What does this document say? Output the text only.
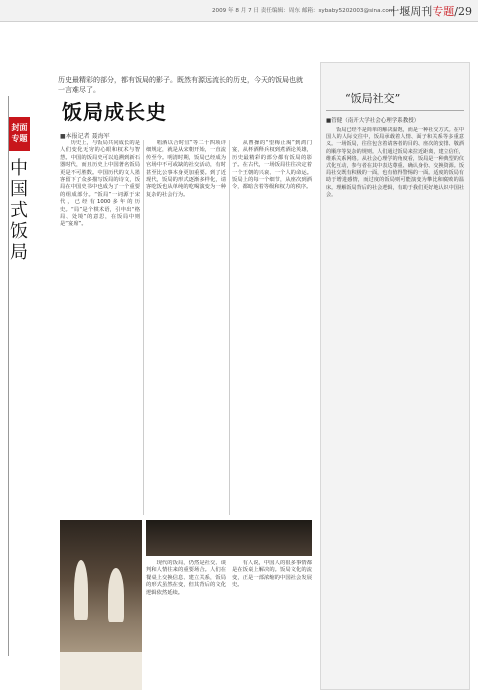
2009 年 8 月 7 日 责任编辑：周东 邮箱：sybaby5202003@sina.com
十堰周刊专题/29
封面专题
中国式饭局
历史最精彩的部分，都有饭局的影子。既然有源远流长的历史，今天的饭局也就一言难尽了。
饭局成长史
■本报记者 聂海军

历史上，与饭局共同成长的是人们变化无穷的心眼和权术与智慧。中国的饭局史可以追溯到新石器时代，而且历史上中国著名饭局更是不可胜数。中国历代的文人墨客留下了众多描写饭局的诗文，饭局在中国史书中也成为了一个重要的组成部分。“饭局”一词源于宋代，已经有1000多年的历史。“局”是个棋术语，引申出“格局、处境”的意思，在饭局中则是“宴席”。

唱酒以合时宜”等二十四项详细规定，就是从宋朝开始，一直流传至今。明清时期，饭局已经成为官场中不可或缺的社交活动，有时甚至比公事本身更加重要。到了近现代，饭局的形式逐渐多样化，请客吃饭也从单纯的吃喝演变为一种复杂的社会行为。

从曹操的“望梅止渴”到鸿门宴，从杯酒释兵权到煮酒论英雄，历史最精彩的部分都有饭局的影子。在古代，一场饭局往往决定着一个王朝的兴衰、一个人的命运。饭局上的每一个细节，从座次到酒令，都暗含着等级和权力的秩序。

现代的饭局，仍然是社交、谈判和人情往来的重要场合。人们在餐桌上交换信息、建立关系，饭局的形式虽然在变，但其背后的文化逻辑依然延续。

有人说，中国人的很多事情都是在饭桌上解决的。饭局文化的流变，正是一部浓缩的中国社会发展史。

“饭局社交”
■管健（南开大学社会心理学系教授）

饭局已经不是简单的解决温饱，而是一种社交方式。在中国人的人际交往中，饭局承载着人情、面子和关系等多重意义。一场饭局，往往包含着请客者的目的、座次的安排、敬酒的顺序等复杂的规则。人们通过饭局来拉近距离，建立信任，维系关系网络。从社会心理学的角度看，饭局是一种典型的仪式化互动，参与者在其中表达尊重、确认身份、交换资源。饭局社交既有积极的一面，也有值得警惕的一面。适度的饭局有助于增进感情，而过度的饭局则可能演变为攀比和腐败的温床。理解饭局背后的社会逻辑，有助于我们更好地认识中国社会。
